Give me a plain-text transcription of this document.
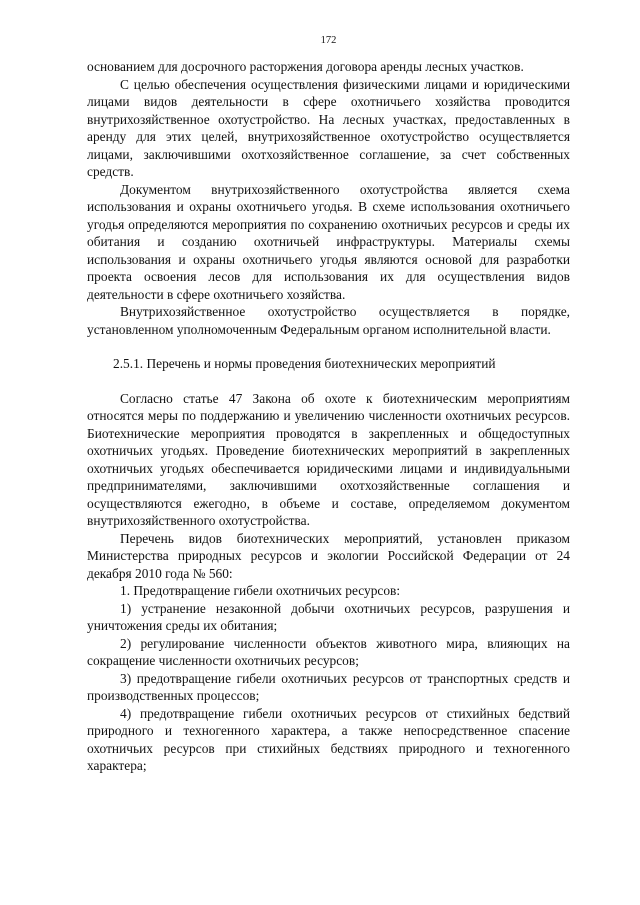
172

основанием для досрочного расторжения договора аренды лесных участков.

С целью обеспечения осуществления физическими лицами и юридическими лицами видов деятельности в сфере охотничьего хозяйства проводится внутрихозяйственное охотустройство. На лесных участках, предоставленных в аренду для этих целей, внутрихозяйственное охотустройство осуществляется лицами, заключившими охотхозяйственное соглашение, за счет собственных средств.

Документом внутрихозяйственного охотустройства является схема использования и охраны охотничьего угодья. В схеме использования охотничьего угодья определяются мероприятия по сохранению охотничьих ресурсов и среды их обитания и созданию охотничьей инфраструктуры. Материалы схемы использования и охраны охотничьего угодья являются основой для разработки проекта освоения лесов для использования их для осуществления видов деятельности в сфере охотничьего хозяйства.

Внутрихозяйственное охотустройство осуществляется в порядке, установленном уполномоченным Федеральным органом исполнительной власти.

2.5.1. Перечень и нормы проведения биотехнических мероприятий

Согласно статье 47 Закона об охоте к биотехническим мероприятиям относятся меры по поддержанию и увеличению численности охотничьих ресурсов. Биотехнические мероприятия проводятся в закрепленных и общедоступных охотничьих угодьях. Проведение биотехнических мероприятий в закрепленных охотничьих угодьях обеспечивается юридическими лицами и индивидуальными предпринимателями, заключившими охотхозяйственные соглашения и осуществляются ежегодно, в объеме и составе, определяемом документом внутрихозяйственного охотустройства.

Перечень видов биотехнических мероприятий, установлен приказом Министерства природных ресурсов и экологии Российской Федерации от 24 декабря 2010 года № 560:

1. Предотвращение гибели охотничьих ресурсов:

1) устранение незаконной добычи охотничьих ресурсов, разрушения и уничтожения среды их обитания;

2) регулирование численности объектов животного мира, влияющих на сокращение численности охотничьих ресурсов;

3) предотвращение гибели охотничьих ресурсов от транспортных средств и производственных процессов;

4) предотвращение гибели охотничьих ресурсов от стихийных бедствий природного и техногенного характера, а также непосредственное спасение охотничьих ресурсов при стихийных бедствиях природного и техногенного характера;
